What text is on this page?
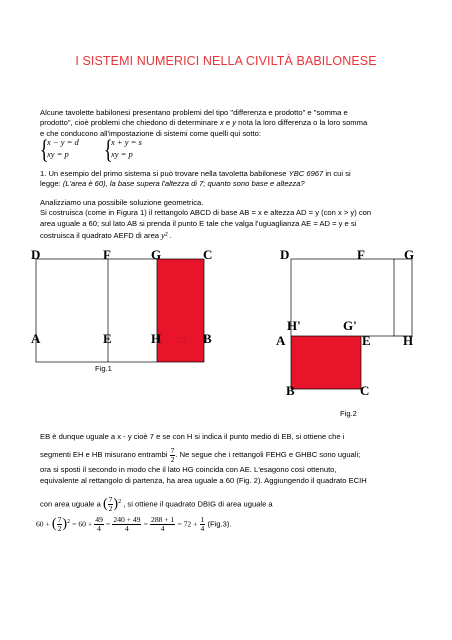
I SISTEMI NUMERICI NELLA CIVILTÀ BABILONESE
Alcune tavolette babilonesi presentano problemi del tipo "differenza e prodotto" e "somma e
prodotto", cioè problemi che chiedono di determinare x e y nota la loro differenza o la loro somma
e che conducono all'impostazione di sistemi come quelli qui sotto:
{
x − y = d
xy = p	{
x + y = s
xy = p
1. Un esempio del primo sistema si può trovare nella tavoletta babilonese YBC 6967 in cui si
legge: (L'area è 60), la base supera l'altezza di 7; quanto sono base e altezza?
Analizziamo una possibile soluzione geometrica.
Si costruisca (come in Figura 1) il rettangolo ABCD di base AB = x e altezza AD = y (con x > y) con
area uguale a 60; sul lato AB si prenda il punto E tale che valga l'uguaglianza AE = AD = y e si
costruisca il quadrato AEFD di area y² .
D	F	G	C
A	E	H	B
7/2
Fig.1
D	F	G
H'	G'
A	E H
B	C
Fig.2
EB è dunque uguale a x - y cioè 7 e se con H si indica il punto medio di EB, si ottiene che i
segmenti EH e HB misurano entrambi $\frac{7}{2}$ . Ne segue che i rettangoli FEHG e GHBC sono uguali;
ora si sposti il secondo in modo che il lato HG coincida con AE. L'esagono così ottenuto,
equivalente al rettangolo di partenza, ha area uguale a 60 (Fig. 2). Aggiungendo il quadrato ECIH
con area uguale a ( $\frac{7}{2} )^2$ , si ottiene il quadrato DBIG di area uguale a
60 + ( $\frac{7}{2} )^2 = 60 + \frac{49}{4} = \frac{240 + 49}{4} = \frac{288 + 1}{4} = 72 + \frac{1}{4} (Fig.3)$.
